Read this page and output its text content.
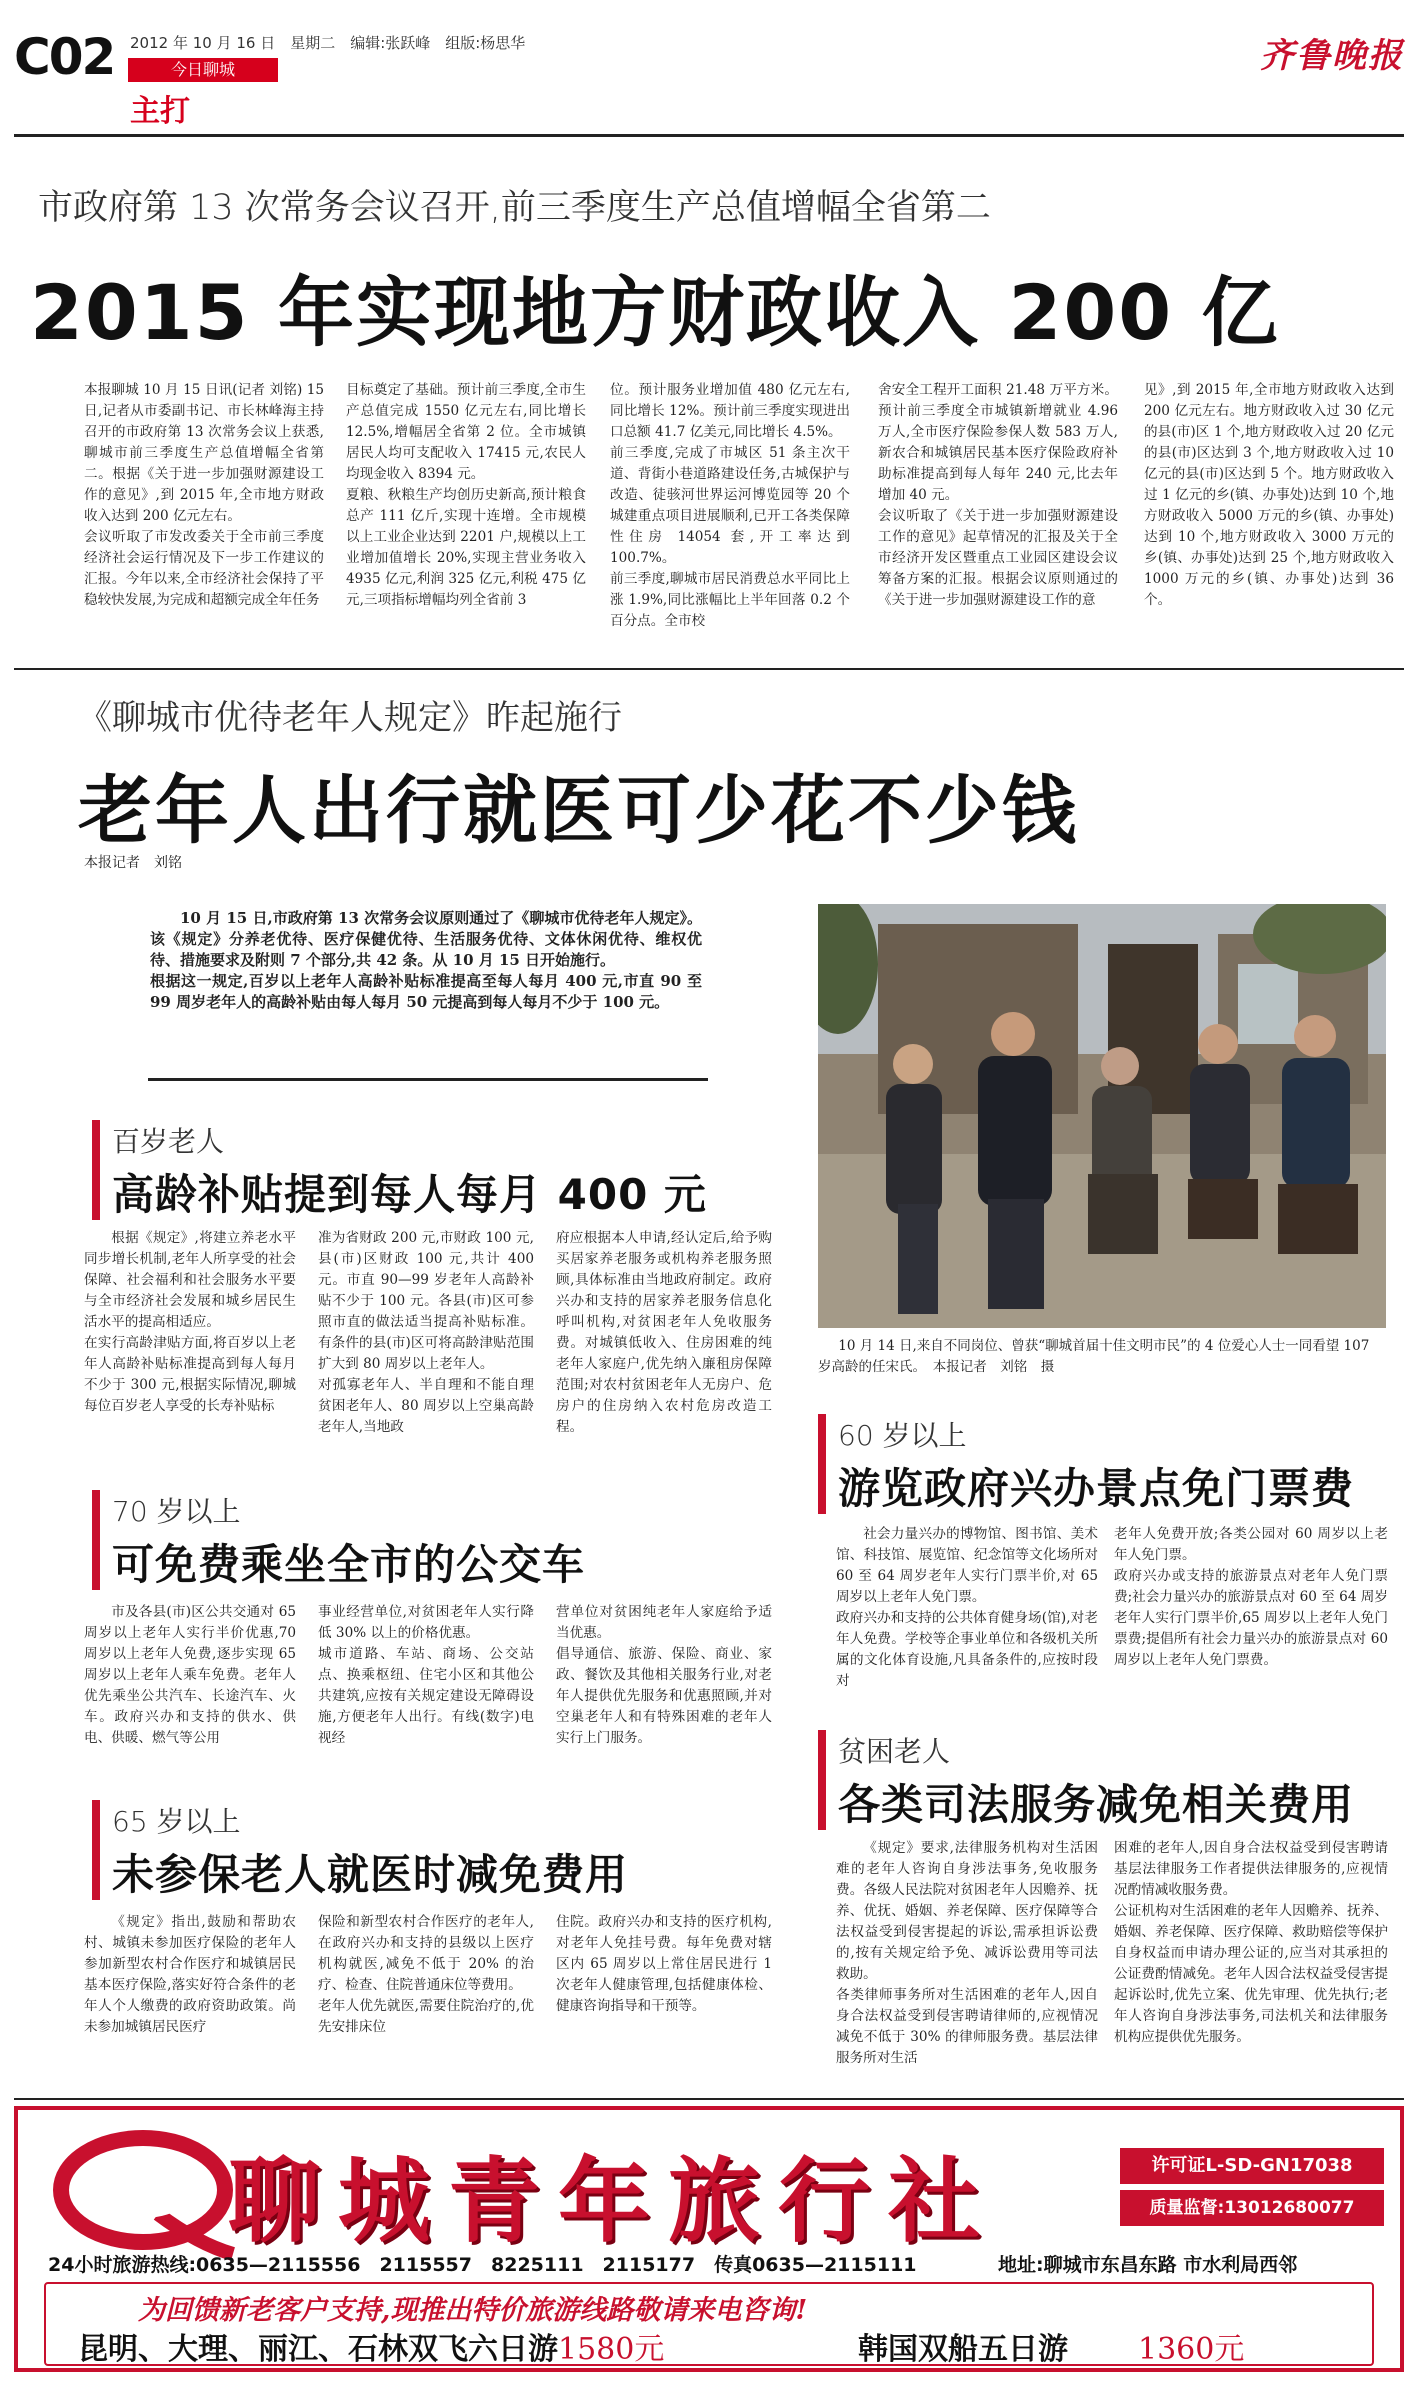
C02 2012 年 10 月 16 日　星期二　编辑:张跃峰　组版:杨思华
今日聊城
主打
齐鲁晚报
市政府第 13 次常务会议召开,前三季度生产总值增幅全省第二
2015 年实现地方财政收入 200 亿
本报聊城 10 月 15 日讯(记者 刘铭) 15 日,记者从市委副书记、市长林峰海主持召开的市政府第 13 次常务会议上获悉,聊城市前三季度生产总值增幅全省第二。根据《关于进一步加强财源建设工作的意见》,到 2015 年,全市地方财政收入达到 200 亿元左右。
会议听取了市发改委关于全市前三季度经济社会运行情况及下一步工作建议的汇报。今年以来,全市经济社会保持了平稳较快发展,为完成和超额完成全年任务
目标奠定了基础。预计前三季度,全市生产总值完成 1550 亿元左右,同比增长 12.5%,增幅居全省第 2 位。全市城镇居民人均可支配收入 17415 元,农民人均现金收入 8394 元。
夏粮、秋粮生产均创历史新高,预计粮食总产 111 亿斤,实现十连增。全市规模以上工业企业达到 2201 户,规模以上工业增加值增长 20%,实现主营业务收入 4935 亿元,利润 325 亿元,利税 475 亿元,三项指标增幅均列全省前 3
位。预计服务业增加值 480 亿元左右,同比增长 12%。预计前三季度实现进出口总额 41.7 亿美元,同比增长 4.5%。
前三季度,完成了市城区 51 条主次干道、背街小巷道路建设任务,古城保护与改造、徒骇河世界运河博览园等 20 个城建重点项目进展顺利,已开工各类保障性住房 14054 套,开工率达到 100.7%。
前三季度,聊城市居民消费总水平同比上涨 1.9%,同比涨幅比上半年回落 0.2 个百分点。全市校
舍安全工程开工面积 21.48 万平方米。预计前三季度全市城镇新增就业 4.96 万人,全市医疗保险参保人数 583 万人,新农合和城镇居民基本医疗保险政府补助标准提高到每人每年 240 元,比去年增加 40 元。
会议听取了《关于进一步加强财源建设工作的意见》起草情况的汇报及关于全市经济开发区暨重点工业园区建设会议筹备方案的汇报。根据会议原则通过的《关于进一步加强财源建设工作的意
见》,到 2015 年,全市地方财政收入达到 200 亿元左右。地方财政收入过 30 亿元的县(市)区 1 个,地方财政收入过 20 亿元的县(市)区达到 3 个,地方财政收入过 10 亿元的县(市)区达到 5 个。地方财政收入过 1 亿元的乡(镇、办事处)达到 10 个,地方财政收入 5000 万元的乡(镇、办事处)达到 10 个,地方财政收入 3000 万元的乡(镇、办事处)达到 25 个,地方财政收入 1000 万元的乡(镇、办事处)达到 36 个。
《聊城市优待老年人规定》昨起施行
老年人出行就医可少花不少钱
本报记者　刘铭
10 月 15 日,市政府第 13 次常务会议原则通过了《聊城市优待老年人规定》。该《规定》分养老优待、医疗保健优待、生活服务优待、文体休闲优待、维权优待、措施要求及附则 7 个部分,共 42 条。从 10 月 15 日开始施行。
根据这一规定,百岁以上老年人高龄补贴标准提高至每人每月 400 元,市直 90 至 99 周岁老年人的高龄补贴由每人每月 50 元提高到每人每月不少于 100 元。
10 月 14 日,来自不同岗位、曾获“聊城首届十佳文明市民”的 4 位爱心人士一同看望 107 岁高龄的任宋氏。　本报记者　刘铭　摄
百岁老人
高龄补贴提到每人每月 400 元
根据《规定》,将建立养老水平同步增长机制,老年人所享受的社会保障、社会福利和社会服务水平要与全市经济社会发展和城乡居民生活水平的提高相适应。
在实行高龄津贴方面,将百岁以上老年人高龄补贴标准提高到每人每月不少于 300 元,根据实际情况,聊城每位百岁老人享受的长寿补贴标
准为省财政 200 元,市财政 100 元,县(市)区财政 100 元,共计 400 元。市直 90—99 岁老年人高龄补贴不少于 100 元。各县(市)区可参照市直的做法适当提高补贴标准。有条件的县(市)区可将高龄津贴范围扩大到 80 周岁以上老年人。
对孤寡老年人、半自理和不能自理贫困老年人、80 周岁以上空巢高龄老年人,当地政
府应根据本人申请,经认定后,给予购买居家养老服务或机构养老服务照顾,具体标准由当地政府制定。政府兴办和支持的居家养老服务信息化呼叫机构,对贫困老年人免收服务费。对城镇低收入、住房困难的纯老年人家庭户,优先纳入廉租房保障范围;对农村贫困老年人无房户、危房户的住房纳入农村危房改造工程。
70 岁以上
可免费乘坐全市的公交车
市及各县(市)区公共交通对 65 周岁以上老年人实行半价优惠,70 周岁以上老年人免费,逐步实现 65 周岁以上老年人乘车免费。老年人优先乘坐公共汽车、长途汽车、火车。政府兴办和支持的供水、供电、供暖、燃气等公用
事业经营单位,对贫困老年人实行降低 30% 以上的价格优惠。
城市道路、车站、商场、公交站点、换乘枢纽、住宅小区和其他公共建筑,应按有关规定建设无障碍设施,方便老年人出行。有线(数字)电视经
营单位对贫困纯老年人家庭给予适当优惠。
倡导通信、旅游、保险、商业、家政、餐饮及其他相关服务行业,对老年人提供优先服务和优惠照顾,并对空巢老年人和有特殊困难的老年人实行上门服务。
65 岁以上
未参保老人就医时减免费用
《规定》指出,鼓励和帮助农村、城镇未参加医疗保险的老年人参加新型农村合作医疗和城镇居民基本医疗保险,落实好符合条件的老年人个人缴费的政府资助政策。尚未参加城镇居民医疗
保险和新型农村合作医疗的老年人,在政府兴办和支持的县级以上医疗机构就医,减免不低于 20% 的治疗、检查、住院普通床位等费用。
老年人优先就医,需要住院治疗的,优先安排床位
住院。政府兴办和支持的医疗机构,对老年人免挂号费。每年免费对辖区内 65 周岁以上常住居民进行 1 次老年人健康管理,包括健康体检、健康咨询指导和干预等。
60 岁以上
游览政府兴办景点免门票费
社会力量兴办的博物馆、图书馆、美术馆、科技馆、展览馆、纪念馆等文化场所对 60 至 64 周岁老年人实行门票半价,对 65 周岁以上老年人免门票。
政府兴办和支持的公共体育健身场(馆),对老年人免费。学校等企事业单位和各级机关所属的文化体育设施,凡具备条件的,应按时段对
老年人免费开放;各类公园对 60 周岁以上老年人免门票。
政府兴办或支持的旅游景点对老年人免门票费;社会力量兴办的旅游景点对 60 至 64 周岁老年人实行门票半价,65 周岁以上老年人免门票费;提倡所有社会力量兴办的旅游景点对 60 周岁以上老年人免门票费。
贫困老人
各类司法服务减免相关费用
《规定》要求,法律服务机构对生活困难的老年人咨询自身涉法事务,免收服务费。各级人民法院对贫困老年人因赡养、抚养、优抚、婚姻、养老保障、医疗保障等合法权益受到侵害提起的诉讼,需承担诉讼费的,按有关规定给予免、减诉讼费用等司法救助。
各类律师事务所对生活困难的老年人,因自身合法权益受到侵害聘请律师的,应视情况减免不低于 30% 的律师服务费。基层法律服务所对生活
困难的老年人,因自身合法权益受到侵害聘请基层法律服务工作者提供法律服务的,应视情况酌情减收服务费。
公证机构对生活困难的老年人因赡养、抚养、婚姻、养老保障、医疗保障、救助赔偿等保护自身权益而申请办理公证的,应当对其承担的公证费酌情减免。老年人因合法权益受侵害提起诉讼时,优先立案、优先审理、优先执行;老年人咨询自身涉法事务,司法机关和法律服务机构应提供优先服务。
聊城青年旅行社	许可证L-SD-GN17038
质量监督:13012680077
24小时旅游热线:0635—2115556　2115557　8225111　2115177　传真0635—2115111	地址:聊城市东昌东路 市水利局西邻
为回馈新老客户支持,现推出特价旅游线路敬请来电咨询!
昆明、大理、丽江、石林双飞六日游1580元	韩国双船五日游 1360元
